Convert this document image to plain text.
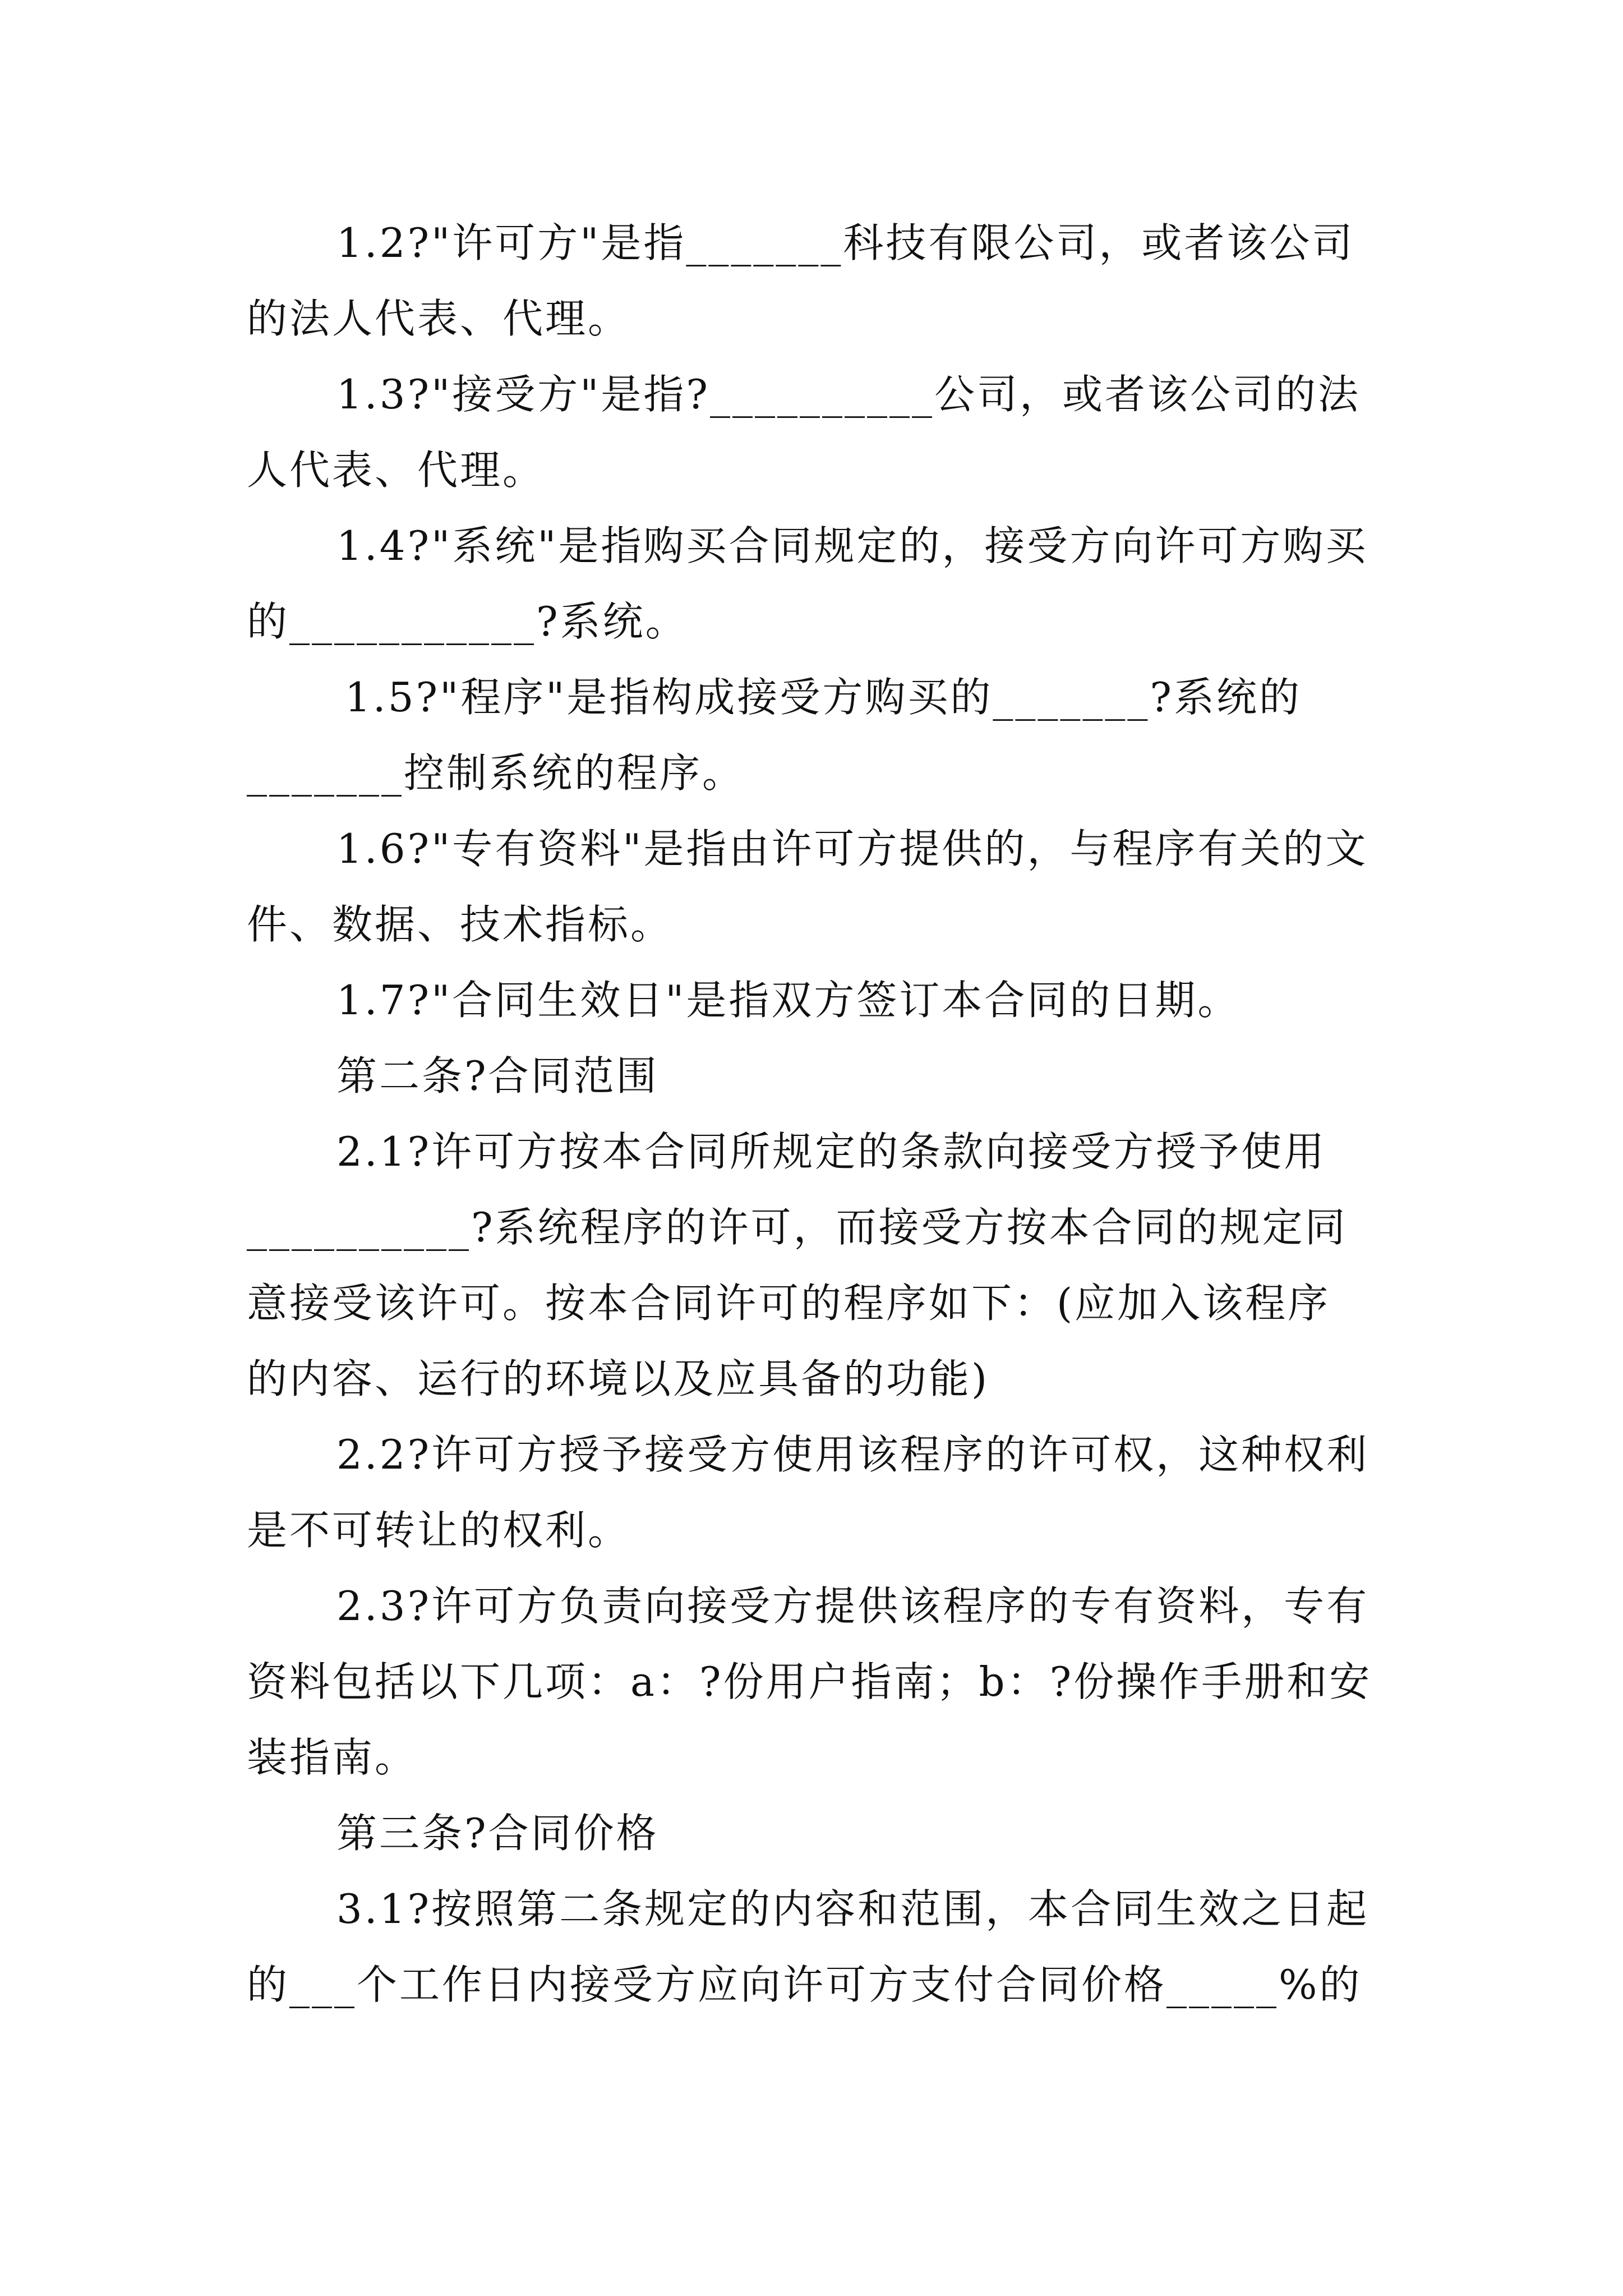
1.2?"许可方"是指_______科技有限公司，或者该公司
的法人代表、代理。
1.3?"接受方"是指?__________公司，或者该公司的法
人代表、代理。
1.4?"系统"是指购买合同规定的，接受方向许可方购买
的___________?系统。
1.5?"程序"是指构成接受方购买的_______?系统的
_______控制系统的程序。
1.6?"专有资料"是指由许可方提供的，与程序有关的文
件、数据、技术指标。
1.7?"合同生效日"是指双方签订本合同的日期。
第二条?合同范围
2.1?许可方按本合同所规定的条款向接受方授予使用
__________?系统程序的许可，而接受方按本合同的规定同
意接受该许可。按本合同许可的程序如下：(应加入该程序
的内容、运行的环境以及应具备的功能)
2.2?许可方授予接受方使用该程序的许可权，这种权利
是不可转让的权利。
2.3?许可方负责向接受方提供该程序的专有资料，专有
资料包括以下几项：a：?份用户指南；b：?份操作手册和安
装指南。
第三条?合同价格
3.1?按照第二条规定的内容和范围，本合同生效之日起
的___个工作日内接受方应向许可方支付合同价格_____%的
